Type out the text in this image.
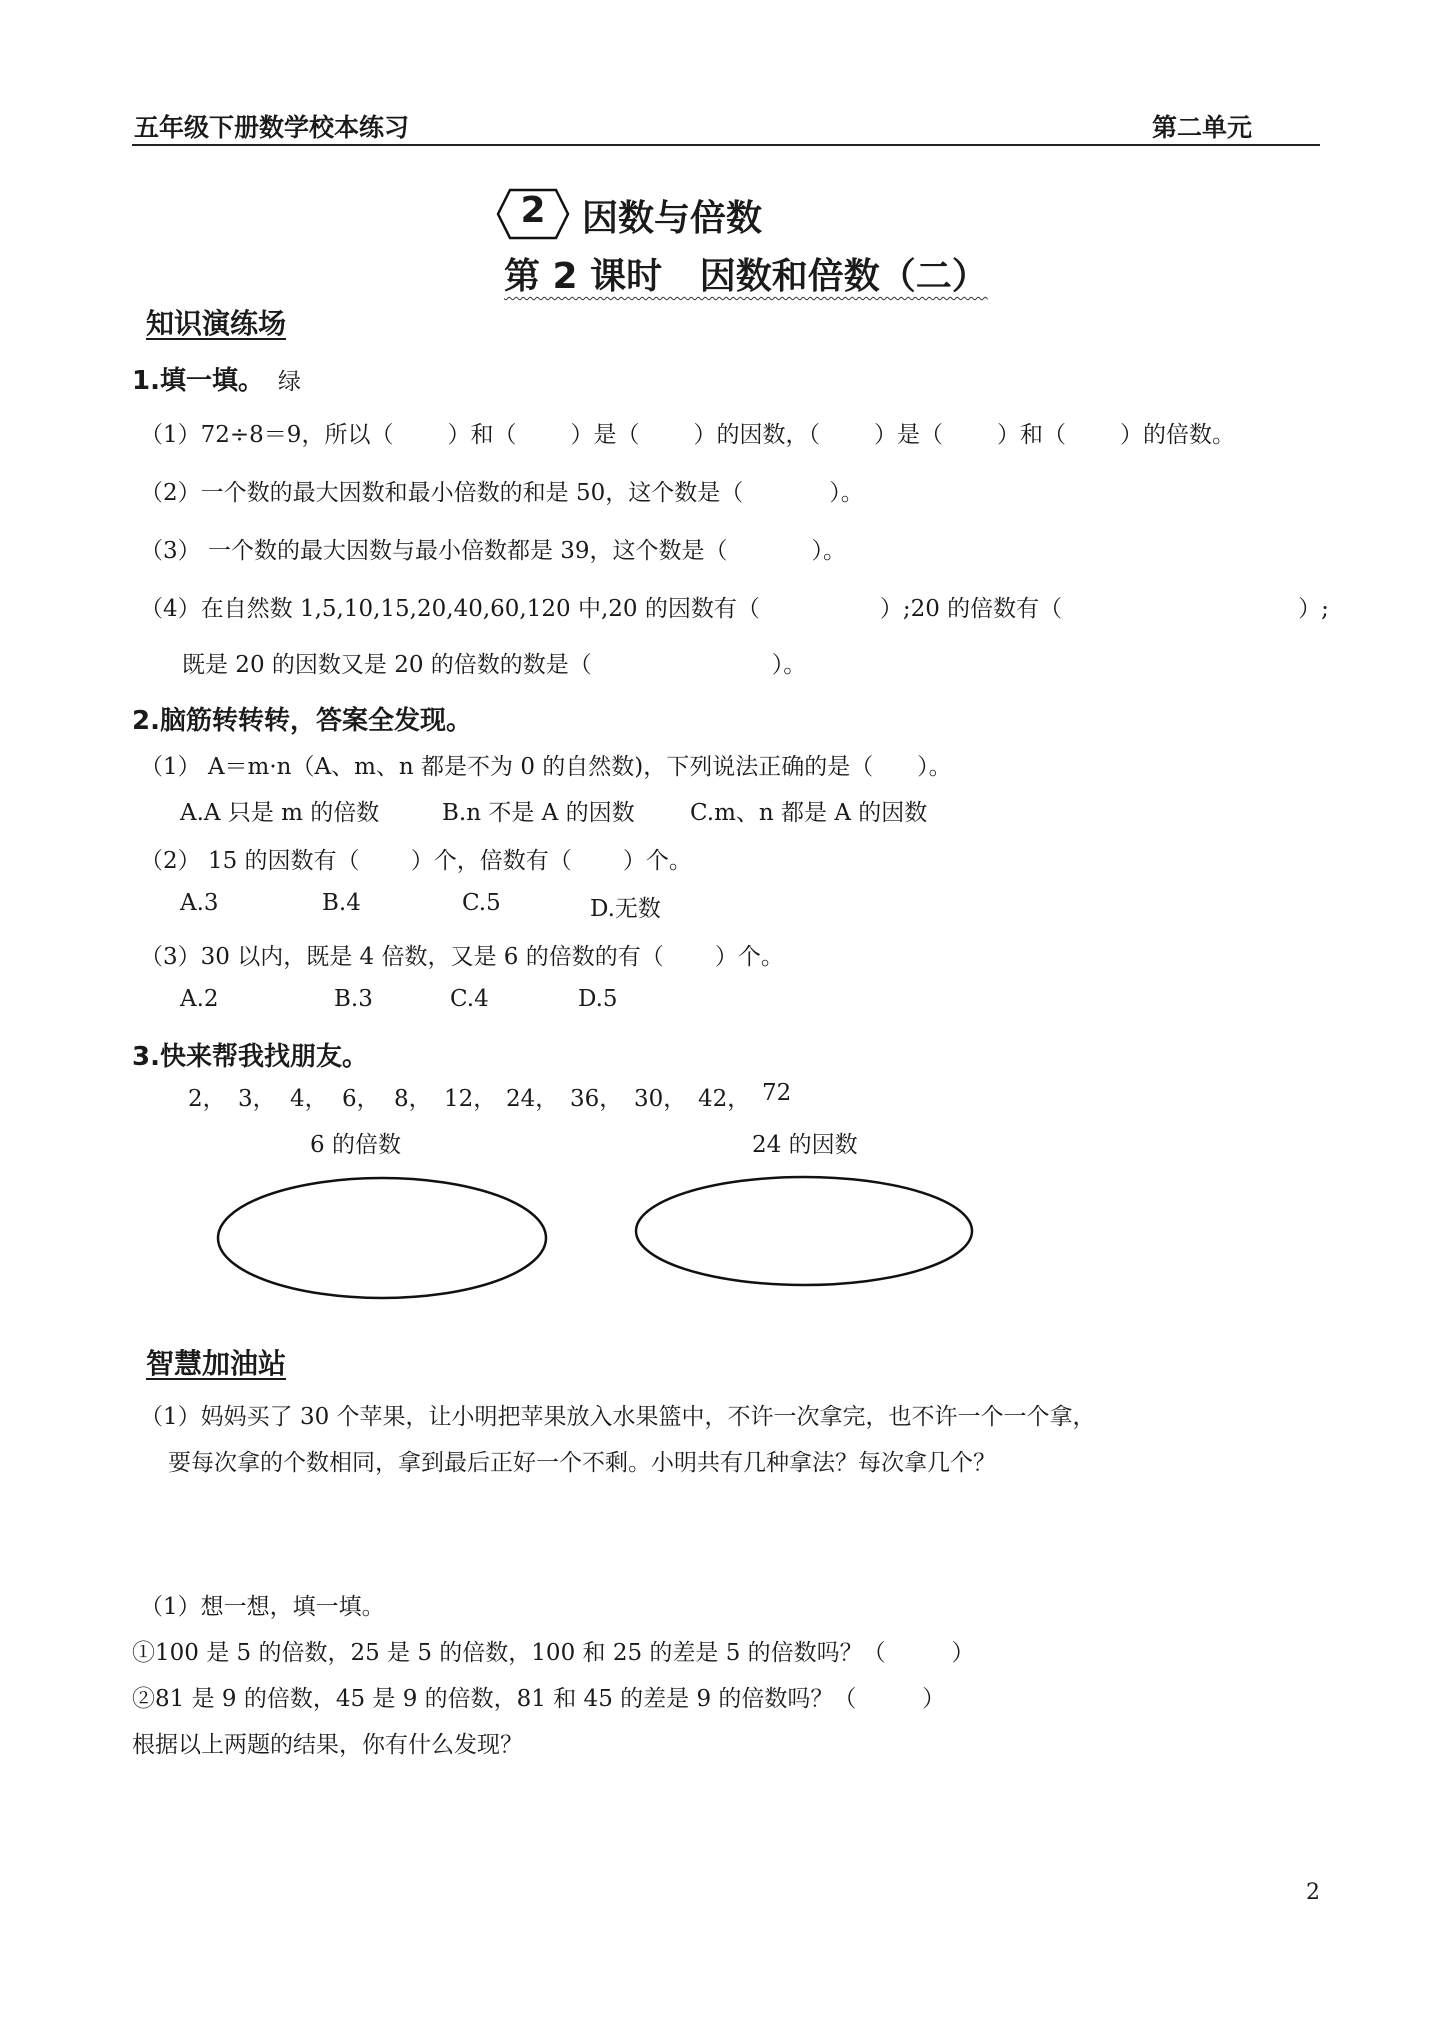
五年级下册数学校本练习	第二单元
2 因数与倍数
第 2 课时   因数和倍数（二）
知识演练场
1.填一填。 绿
（1）72÷8＝9，所以（ ）和（ ）是（ ）的因数，（ ）是（ ）和（ ）的倍数。
（2）一个数的最大因数和最小倍数的和是 50，这个数是（	）。
（3） 一个数的最大因数与最小倍数都是 39，这个数是（	）。
（4）在自然数 1,5,10,15,20,40,60,120 中,20 的因数有（	）;20 的倍数有（	）;
既是 20 的因数又是 20 的倍数的数是（	）。
2.脑筋转转转，答案全发现。
（1） A＝m·n（A、m、n 都是不为 0 的自然数)，下列说法正确的是（      ）。
A.A 只是 m 的倍数	B.n 不是 A 的因数 C.m、n 都是 A 的因数
（2） 15 的因数有（       ）个，倍数有（       ）个。
A.3	B.4	C.5	D.无数
（3）30 以内，既是 4 倍数，又是 6 的倍数的有（       ）个。
A.2	B.3	C.4	D.5
3.快来帮我找朋友。
2， 3， 4， 6， 8， 12， 24， 36， 30， 42， 72
6 的倍数	24 的因数
智慧加油站
（1）妈妈买了 30 个苹果，让小明把苹果放入水果篮中，不许一次拿完，也不许一个一个拿，
要每次拿的个数相同，拿到最后正好一个不剩。小明共有几种拿法？每次拿几个？
（1）想一想，填一填。
①100 是 5 的倍数，25 是 5 的倍数，100 和 25 的差是 5 的倍数吗？（         ）
②81 是 9 的倍数，45 是 9 的倍数，81 和 45 的差是 9 的倍数吗？（         ）
根据以上两题的结果，你有什么发现？
2
